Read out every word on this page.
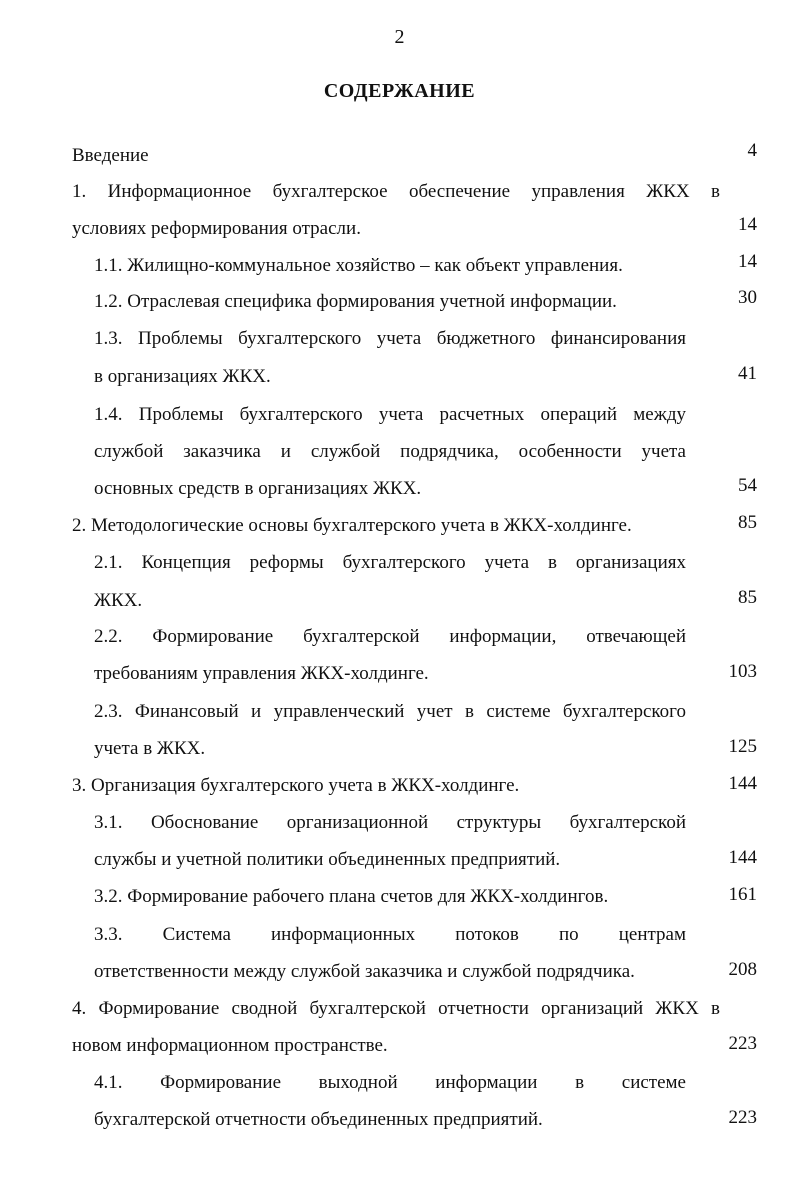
2
СОДЕРЖАНИЕ
Введение	4
1. Информационное бухгалтерское обеспечение управления ЖКХ в
условиях реформирования отрасли.	14
1.1. Жилищно-коммунальное хозяйство – как объект управления.	14
1.2. Отраслевая специфика формирования учетной информации.	30
1.3. Проблемы бухгалтерского учета бюджетного финансирования
в организациях ЖКХ.	41
1.4. Проблемы бухгалтерского учета расчетных операций между
службой заказчика и службой подрядчика, особенности учета
основных средств в организациях ЖКХ.	54
2. Методологические основы бухгалтерского учета в ЖКХ-холдинге.	85
2.1. Концепция реформы бухгалтерского учета в организациях
ЖКХ.	85
2.2. Формирование бухгалтерской информации, отвечающей
требованиям управления ЖКХ-холдинге.	103
2.3. Финансовый и управленческий учет в системе бухгалтерского
учета в ЖКХ.	125
3. Организация бухгалтерского учета в ЖКХ-холдинге.	144
3.1. Обоснование организационной структуры бухгалтерской
службы и учетной политики объединенных предприятий.	144
3.2. Формирование рабочего плана счетов для ЖКХ-холдингов.	161
3.3. Система информационных потоков по центрам
ответственности между службой заказчика и службой подрядчика.	208
4. Формирование сводной бухгалтерской отчетности организаций ЖКХ в
новом информационном пространстве.	223
4.1. Формирование выходной информации в системе
бухгалтерской отчетности объединенных предприятий.	223
